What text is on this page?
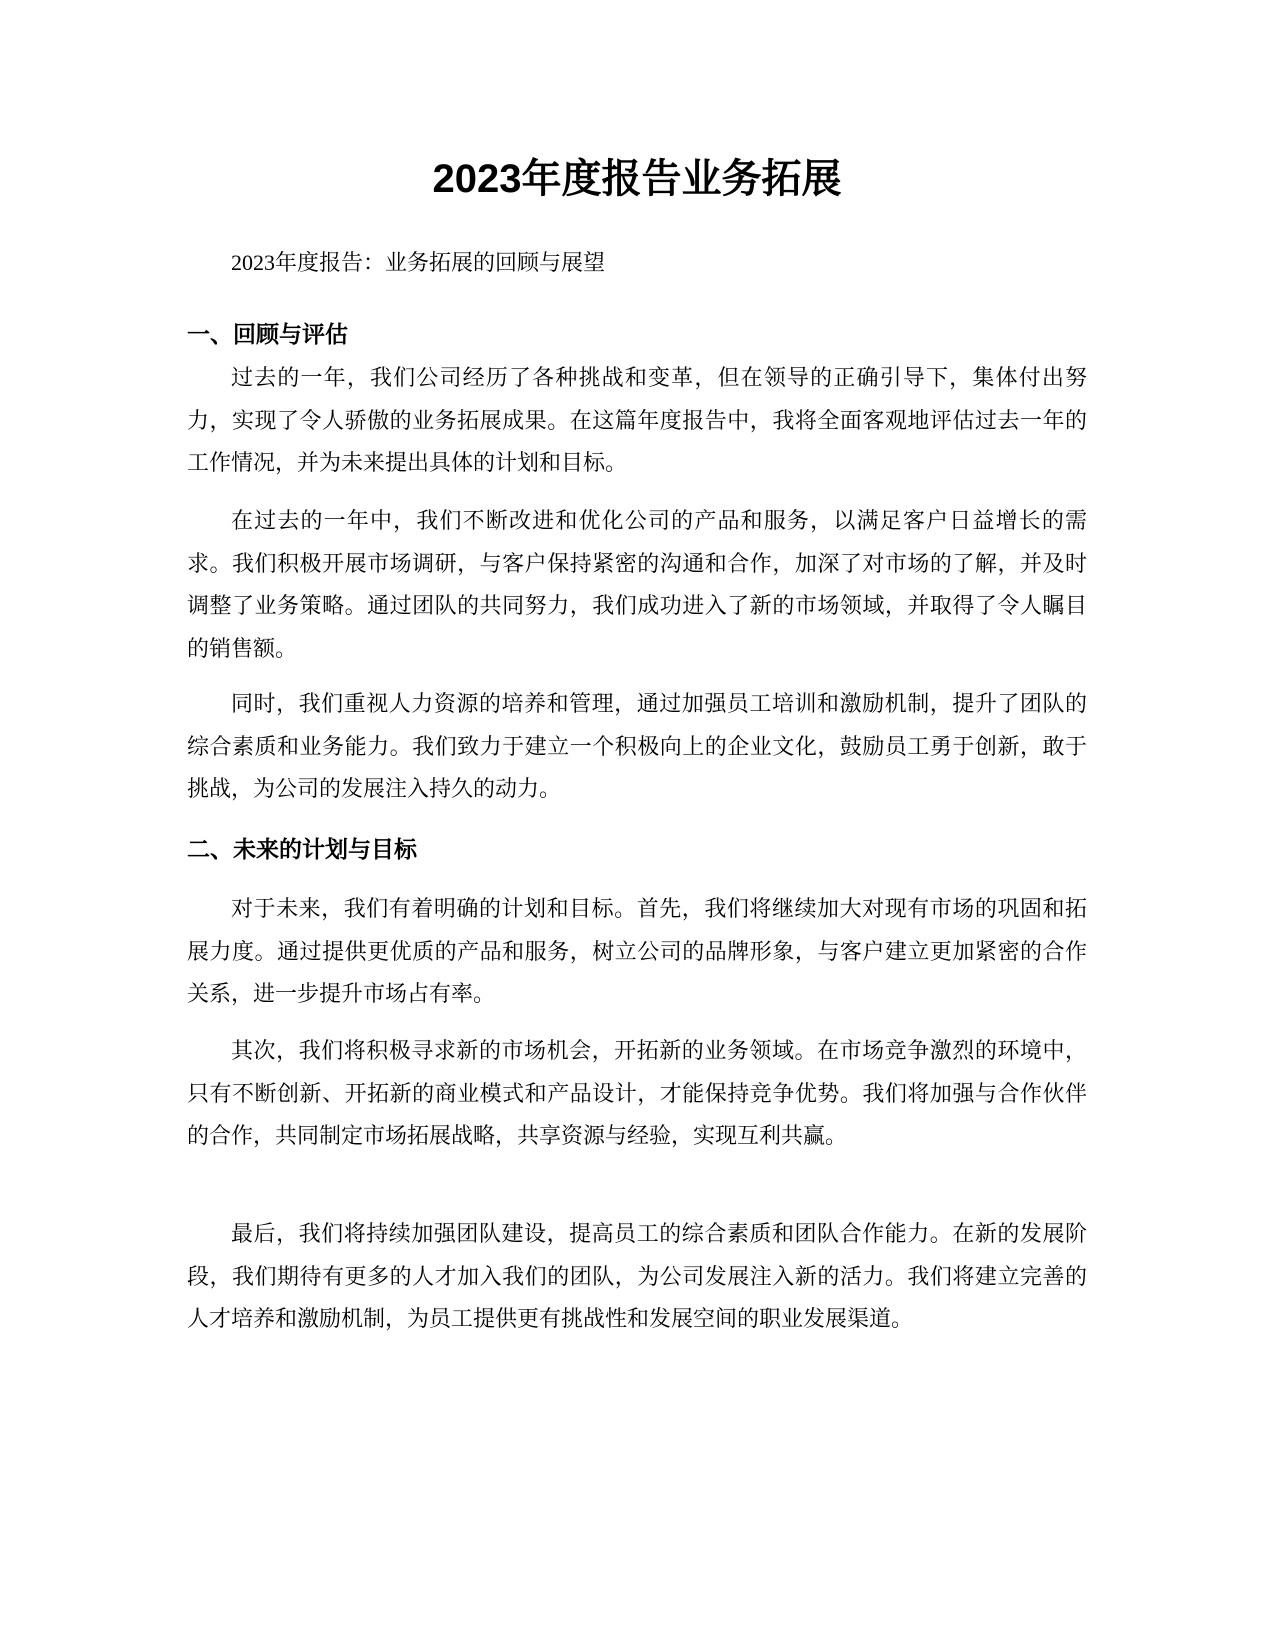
2023年度报告业务拓展

2023年度报告：业务拓展的回顾与展望

一、回顾与评估

过去的一年，我们公司经历了各种挑战和变革，但在领导的正确引导下，集体付出努力，实现了令人骄傲的业务拓展成果。在这篇年度报告中，我将全面客观地评估过去一年的工作情况，并为未来提出具体的计划和目标。

在过去的一年中，我们不断改进和优化公司的产品和服务，以满足客户日益增长的需求。我们积极开展市场调研，与客户保持紧密的沟通和合作，加深了对市场的了解，并及时调整了业务策略。通过团队的共同努力，我们成功进入了新的市场领域，并取得了令人瞩目的销售额。

同时，我们重视人力资源的培养和管理，通过加强员工培训和激励机制，提升了团队的综合素质和业务能力。我们致力于建立一个积极向上的企业文化，鼓励员工勇于创新，敢于挑战，为公司的发展注入持久的动力。

二、未来的计划与目标

对于未来，我们有着明确的计划和目标。首先，我们将继续加大对现有市场的巩固和拓展力度。通过提供更优质的产品和服务，树立公司的品牌形象，与客户建立更加紧密的合作关系，进一步提升市场占有率。

其次，我们将积极寻求新的市场机会，开拓新的业务领域。在市场竞争激烈的环境中，只有不断创新、开拓新的商业模式和产品设计，才能保持竞争优势。我们将加强与合作伙伴的合作，共同制定市场拓展战略，共享资源与经验，实现互利共赢。

最后，我们将持续加强团队建设，提高员工的综合素质和团队合作能力。在新的发展阶段，我们期待有更多的人才加入我们的团队，为公司发展注入新的活力。我们将建立完善的人才培养和激励机制，为员工提供更有挑战性和发展空间的职业发展渠道。
